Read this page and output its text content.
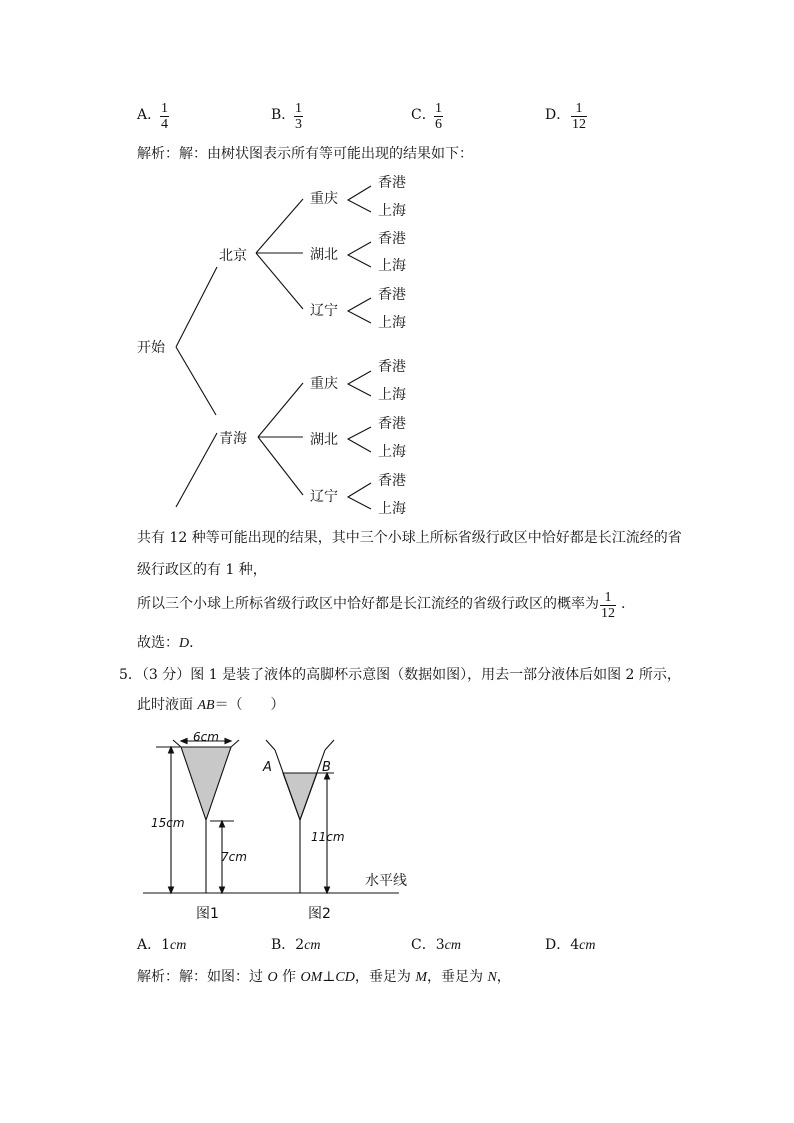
A．
$\frac{1}{4}$	B．
$\frac{1}{3}$	C．
$\frac{1}{6}$	D． $\frac{1}{12}$
解析：解：由树状图表示所有等可能出现的结果如下：
开始
北京
青海
重庆
湖北
辽宁
重庆
湖北
辽宁
香港
上海
香港
上海
香港
上海
香港
上海
香港
上海
香港
上海
共有 12 种等可能出现的结果，其中三个小球上所标省级行政区中恰好都是长江流经的省
级行政区的有 1 种，
所以三个小球上所标省级行政区中恰好都是长江流经的省级行政区的概率为 $\frac{1}{12}$ .
故选：D.
5．（3 分）图 1 是装了液体的高脚杯示意图（数据如图），用去一部分液体后如图 2 所示，
此时液面 AB＝（　　）
6cm
15cm
7cm
11cm
A	B
水平线
图1	图2
A．1cm	B．2cm	C．3cm	D．4cm
解析：解：如图：过 O 作 OM⊥CD，垂足为 M，垂足为 N，
